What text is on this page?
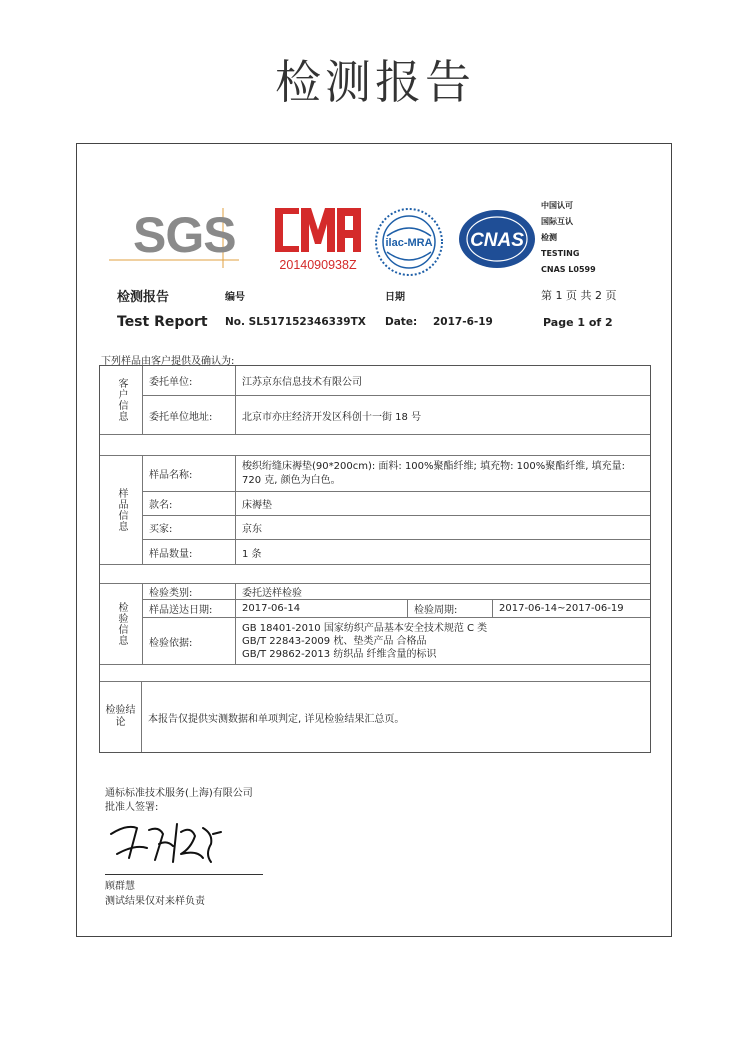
检测报告
SGS
2014090938Z
ilac-MRA CNAS
中国认可
国际互认
检测
TESTING
CNAS L0599
检测报告
Test Report
编号
No. SL517152346339TX
日期
Date: 2017-6-19
第 1 页 共 2 页
Page 1 of 2
下列样品由客户提供及确认为:
客户信息	委托单位:	江苏京东信息技术有限公司
委托单位地址:	北京市亦庄经济开发区科创十一街 18 号
样品信息
样品名称:
梭织绗缝床褥垫(90*200cm): 面料: 100%聚酯纤维; 填充物: 100%聚酯纤维, 填充量: 720 克, 颜色为白色。
款名:	床褥垫
买家:	京东
样品数量:	1 条
检验信息
检验类别:	委托送样检验
样品送达日期:	2017-06-14	检验周期:	2017-06-14~2017-06-19
检验依据:
GB 18401-2010 国家纺织产品基本安全技术规范 C 类
GB/T 22843-2009 枕、垫类产品 合格品
GB/T 29862-2013 纺织品 纤维含量的标识
检验结论	本报告仅提供实测数据和单项判定, 详见检验结果汇总页。
通标标准技术服务(上海)有限公司
批准人签署:
顾群慧
测试结果仅对来样负责
